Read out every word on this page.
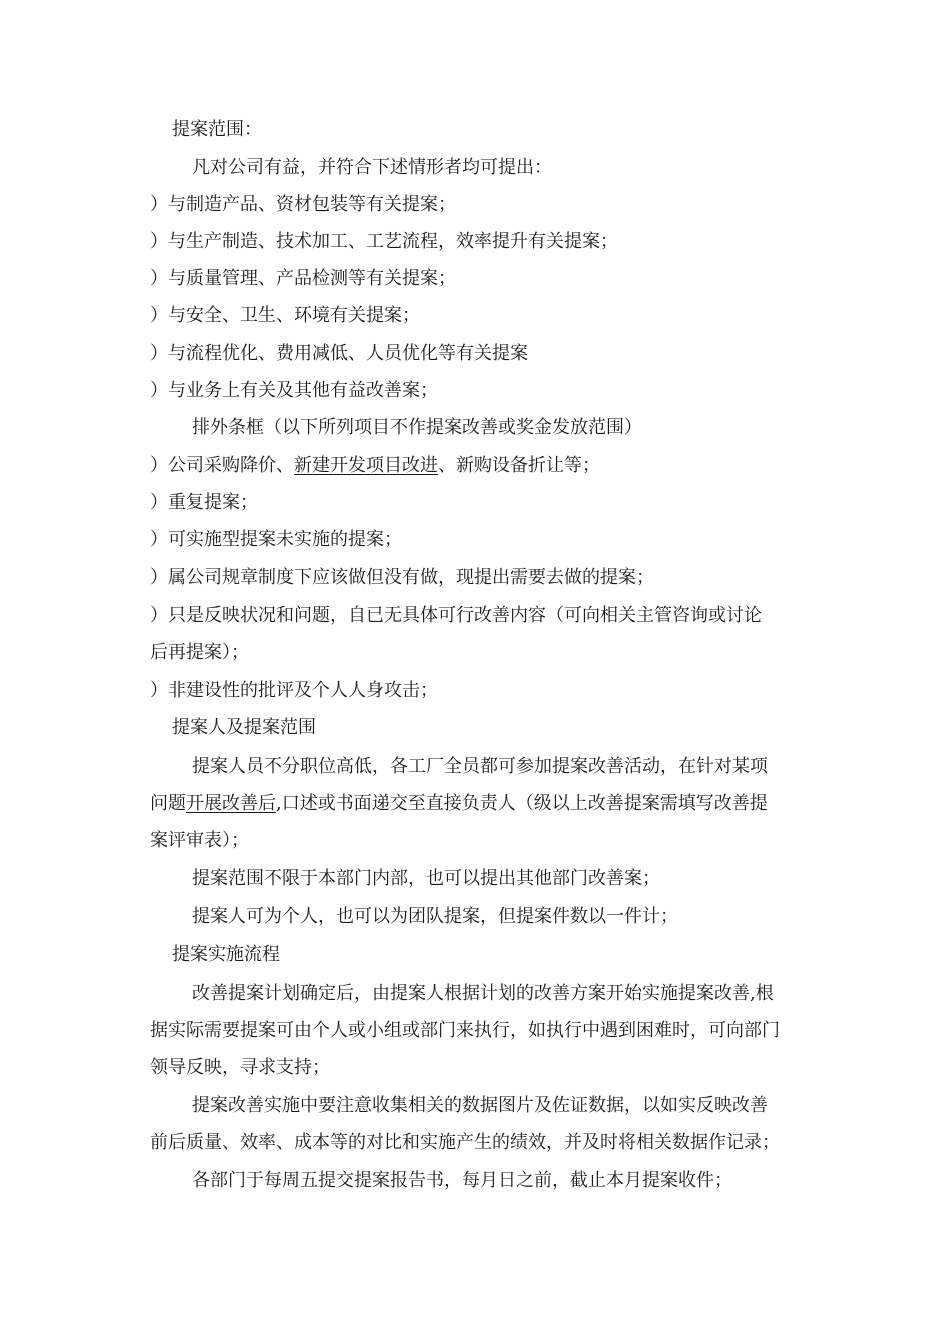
提案范围：

凡对公司有益，并符合下述情形者均可提出：

）与制造产品、资材包装等有关提案；

）与生产制造、技术加工、工艺流程，效率提升有关提案；

）与质量管理、产品检测等有关提案；

）与安全、卫生、环境有关提案；

）与流程优化、费用减低、人员优化等有关提案

）与业务上有关及其他有益改善案；

排外条框（以下所列项目不作提案改善或奖金发放范围）

）公司采购降价、新建开发项目改进、新购设备折让等；

）重复提案；

）可实施型提案未实施的提案；

）属公司规章制度下应该做但没有做，现提出需要去做的提案；

）只是反映状况和问题，自已无具体可行改善内容（可向相关主管咨询或讨论
后再提案）；

）非建设性的批评及个人人身攻击；

提案人及提案范围

提案人员不分职位高低，各工厂全员都可参加提案改善活动，在针对某项
问题开展改善后,口述或书面递交至直接负责人（级以上改善提案需填写改善提
案评审表）；

提案范围不限于本部门内部，也可以提出其他部门改善案；

提案人可为个人，也可以为团队提案，但提案件数以一件计；

提案实施流程

改善提案计划确定后，由提案人根据计划的改善方案开始实施提案改善,根
据实际需要提案可由个人或小组或部门来执行，如执行中遇到困难时，可向部门
领导反映，寻求支持；
提案改善实施中要注意收集相关的数据图片及佐证数据，以如实反映改善
前后质量、效率、成本等的对比和实施产生的绩效，并及时将相关数据作记录；

各部门于每周五提交提案报告书，每月日之前，截止本月提案收件；
